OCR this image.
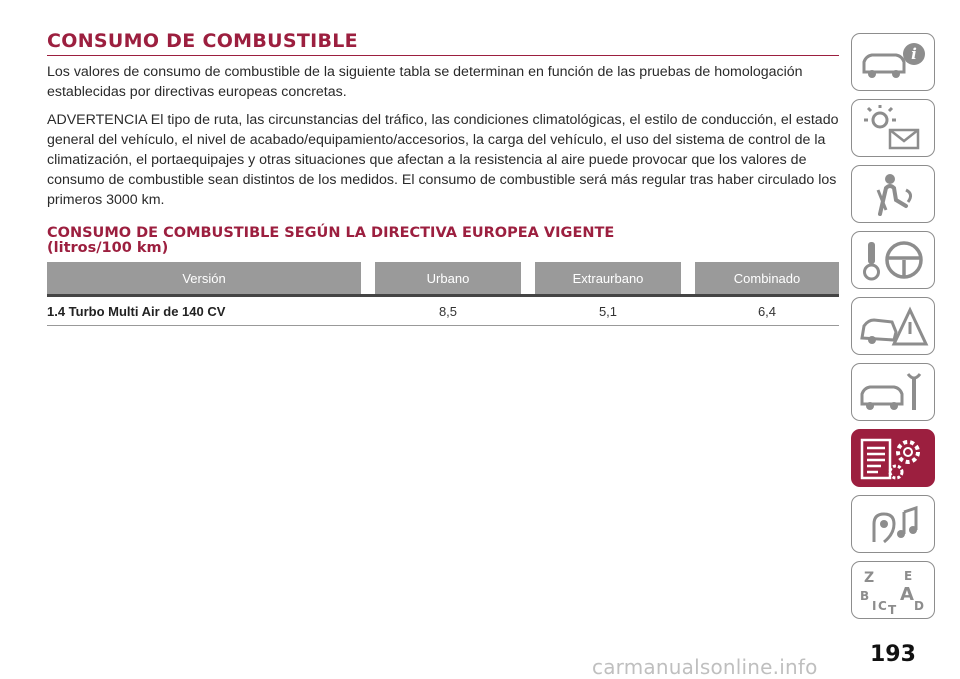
CONSUMO DE COMBUSTIBLE

Los valores de consumo de combustible de la siguiente tabla se determinan en función de las pruebas de homologación establecidas por directivas europeas concretas.

ADVERTENCIA El tipo de ruta, las circunstancias del tráfico, las condiciones climatológicas, el estilo de conducción, el estado general del vehículo, el nivel de acabado/equipamiento/accesorios, la carga del vehículo, el uso del sistema de control de la climatización, el portaequipajes y otras situaciones que afectan a la resistencia al aire puede provocar que los valores de consumo de combustible sean distintos de los medidos. El consumo de combustible será más regular tras haber circulado los primeros 3000 km.

CONSUMO DE COMBUSTIBLE SEGÚN LA DIRECTIVA EUROPEA VIGENTE
(litros/100 km)
Versión		Urbano		Extraurbano		Combinado
1.4 Turbo Multi Air de 140 CV		8,5		5,1		6,4
i
Z E
B A
C D
T
I
193
carmanualsonline.info
